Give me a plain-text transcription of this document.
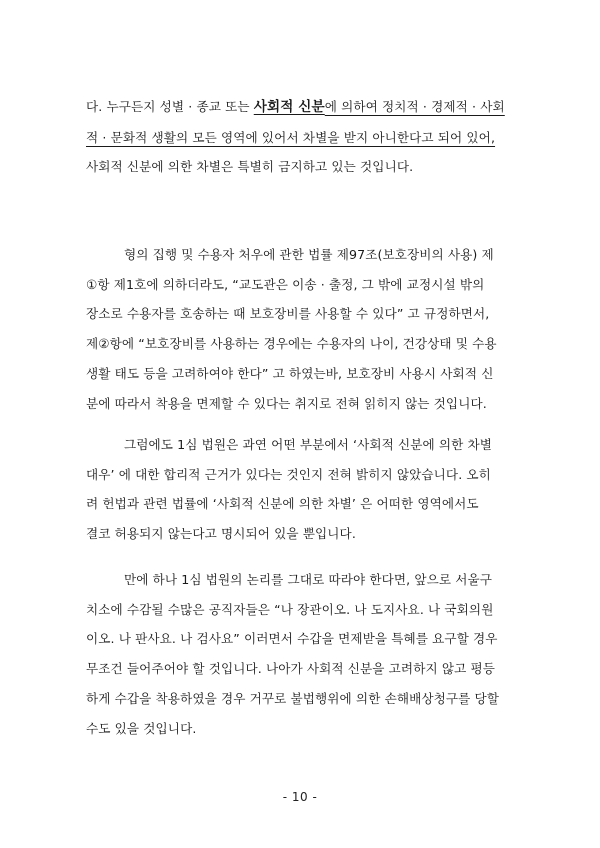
다. 누구든지 성별 · 종교 또는 사회적 신분에 의하여 정치적 · 경제적 · 사회
적 · 문화적 생활의 모든 영역에 있어서 차별을 받지 아니한다고 되어 있어,
사회적 신분에 의한 차별은 특별히 금지하고 있는 것입니다.

형의 집행 및 수용자 처우에 관한 법률 제97조(보호장비의 사용) 제
①항 제1호에 의하더라도, “교도관은 이송 · 출정, 그 밖에 교정시설 밖의
장소로 수용자를 호송하는 때 보호장비를 사용할 수 있다” 고 규정하면서,
제②항에 “보호장비를 사용하는 경우에는 수용자의 나이, 건강상태 및 수용
생활 태도 등을 고려하여야 한다” 고 하였는바, 보호장비 사용시 사회적 신
분에 따라서 착용을 면제할 수 있다는 취지로 전혀 읽히지 않는 것입니다.

그럼에도 1심 법원은 과연 어떤 부분에서 ‘사회적 신분에 의한 차별
대우’ 에 대한 합리적 근거가 있다는 것인지 전혀 밝히지 않았습니다. 오히
려 헌법과 관련 법률에 ‘사회적 신분에 의한 차별’ 은 어떠한 영역에서도
결코 허용되지 않는다고 명시되어 있을 뿐입니다.

만에 하나 1심 법원의 논리를 그대로 따라야 한다면, 앞으로 서울구
치소에 수감될 수많은 공직자들은 “나 장관이오. 나 도지사요. 나 국회의원
이오. 나 판사요. 나 검사요” 이러면서 수갑을 면제받을 특혜를 요구할 경우
무조건 들어주어야 할 것입니다. 나아가 사회적 신분을 고려하지 않고 평등
하게 수갑을 착용하였을 경우 거꾸로 불법행위에 의한 손해배상청구를 당할
수도 있을 것입니다.

- 10 -
